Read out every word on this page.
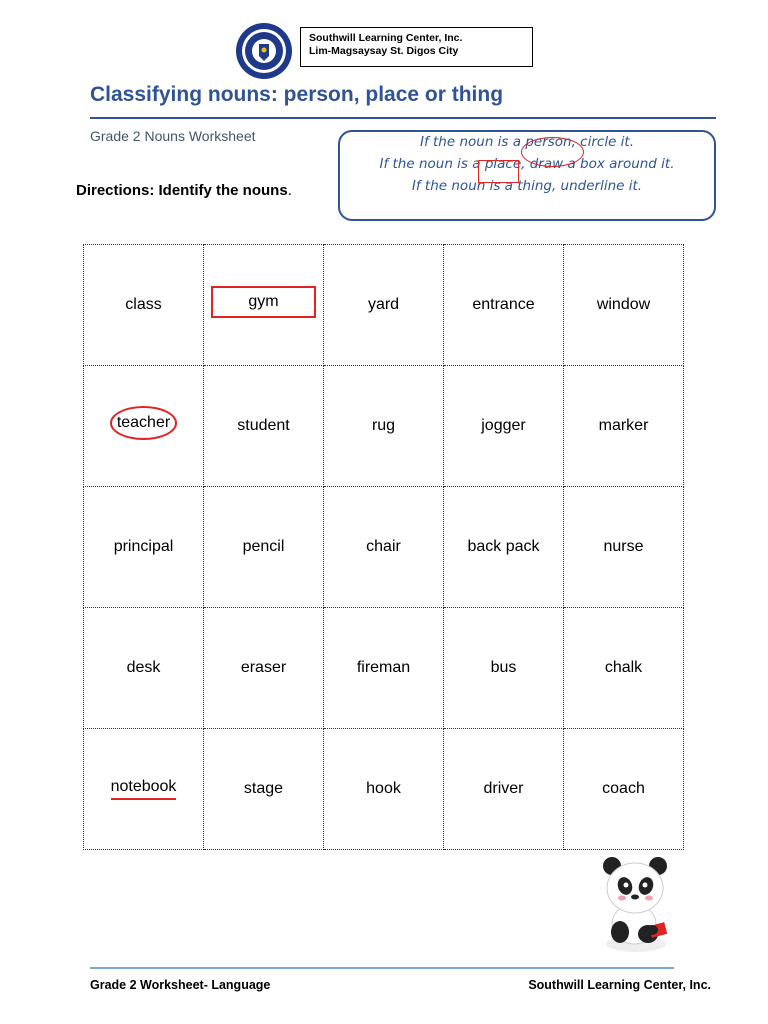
Southwill Learning Center, Inc.
Lim-Magsaysay St. Digos City
Classifying nouns: person, place or thing
Grade 2 Nouns Worksheet
Directions: Identify the nouns.
If the noun is a person, circle it.
If the noun is a place, draw a box around it.
If the noun is a thing, underline it.
class	gym	yard	entrance	window
teacher	student	rug	jogger	marker
principal	pencil	chair	back pack	nurse
desk	eraser	fireman	bus	chalk
notebook	stage	hook	driver	coach
Grade 2 Worksheet- Language	Southwill Learning Center, Inc.
